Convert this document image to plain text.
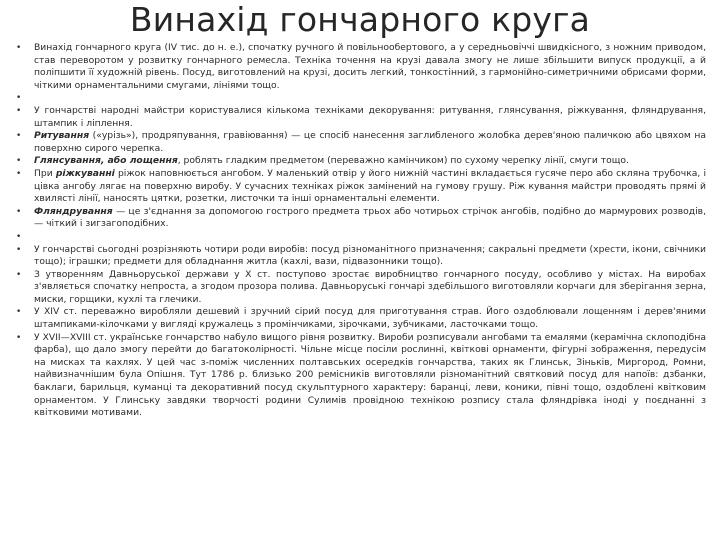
Винахід гончарного круга
• Винахід гончарного круга (IV тис. до н. е.), спочатку ручного й повільнообертового, а у середньовіччі швидкісного, з ножним приводом, став переворотом у розвитку гончарного ремесла. Техніка точення на крузі давала змогу не лише збільшити випуск продукції, а й поліпшити її художній рівень. Посуд, виготовлений на крузі, досить легкий, тонкостінний, з гармонійно-симетричними обрисами форми, чіткими орнаментальними смугами, лініями тощо.
•
• У гончарстві народні майстри користувалися кількома техніками декорування: ритування, глянсування, ріжкування, фляндрування, штампик і ліплення.
• Ритування («урізь»), продряпування, гравіювання) — це спосіб нанесення заглибленого жолобка дерев'яною паличкою або цвяхом на поверхню сирого черепка.
• Глянсування, або лощення, роблять гладким предметом (переважно камінчиком) по сухому черепку лінії, смуги тощо.
• При ріжкуванні ріжок наповнюється ангобом. У маленький отвір у його нижній частині вкладається гусяче перо або скляна трубочка, і цівка ангобу лягає на поверхню виробу. У сучасних техніках ріжок замінений на гумову грушу. Ріж кування майстри проводять прямі й хвилясті лінії, наносять цятки, розетки, листочки та інші орнаментальні елементи.
• Фляндрування — це з'єднання за допомогою гострого предмета трьох або чотирьох стрічок ангобів, подібно до мармурових розводів, — чіткий і зигзагоподібних.
•
• У гончарстві сьогодні розрізняють чотири роди виробів: посуд різноманітного призначення; сакральні предмети (хрести, ікони, свічники тощо); іграшки; предмети для обладнання житла (кахлі, вази, підвазонники тощо).
• З утворенням Давньоруської держави у X ст. поступово зростає виробництво гончарного посуду, особливо у містах. На виробах з'являється спочатку непроста, а згодом прозора полива. Давньоруські гончарі здебільшого виготовляли корчаги для зберігання зерна, миски, горщики, кухлі та глечики.
• У XIV ст. переважно виробляли дешевий і зручний сірий посуд для приготування страв. Його оздоблювали лощенням і дерев'яними штампиками-кілочками у вигляді кружалець з промінчиками, зірочками, зубчиками, ласточками тощо.
• У XVII—XVIII ст. українське гончарство набуло вищого рівня розвитку. Вироби розписували ангобами та емалями (керамічна склоподібна фарба), що дало змогу перейти до багатоколірності. Чільне місце посіли рослинні, квіткові орнаменти, фігурні зображення, передусім на мисках та кахлях. У цей час з-поміж численних полтавських осередків гончарства, таких як Глинськ, Зіньків, Миргород, Ромни, найвизначнішим була Опішня. Тут 1786 р. близько 200 ремісників виготовляли різноманітний святковий посуд для напоїв: дзбанки, баклаги, барильця, куманці та декоративний посуд скульптурного характеру: баранці, леви, коники, півні тощо, оздоблені квітковим орнаментом. У Глинську завдяки творчості родини Сулимів провідною технікою розпису стала фляндрівка іноді у поєднанні з квітковими мотивами.
